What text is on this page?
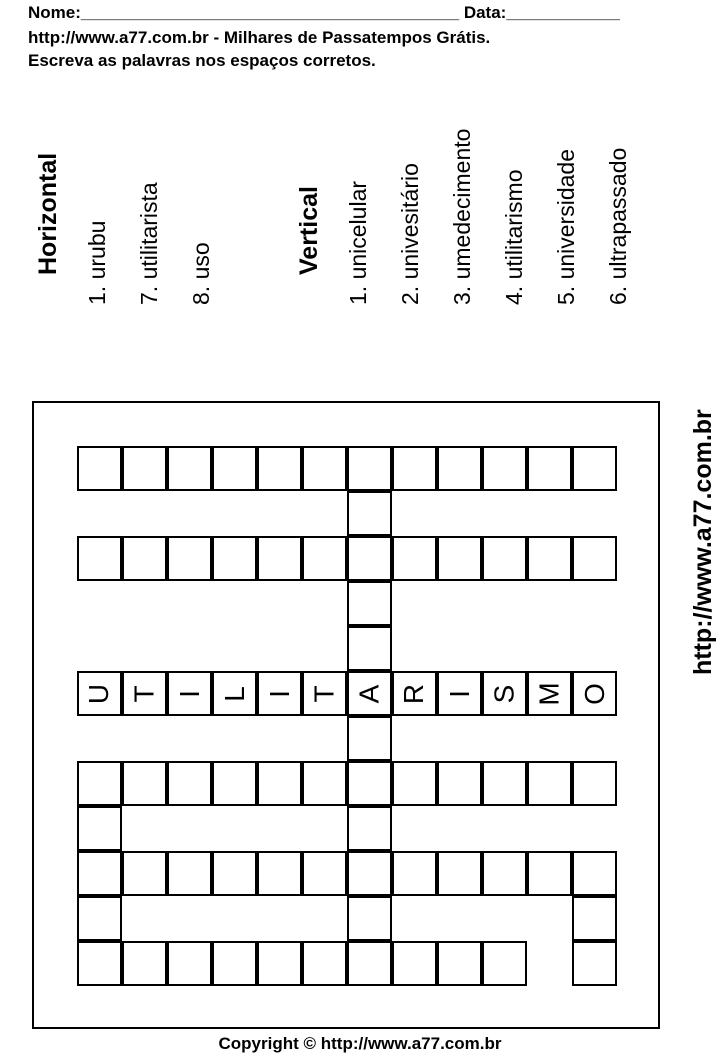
Nome:________________________________________ Data:____________
http://www.a77.com.br - Milhares de Passatempos Grátis.
Escreva as palavras nos espaços corretos.
Horizontal 1. urubu 7. utilitarista 8. uso	Vertical 1. unicelular 2. univesitário 3. umedecimento 4. utilitarismo 5. universidade 6. ultrapassado
http://www.a77.com.br
U T I L I T A R I S M O
Copyright © http://www.a77.com.br
